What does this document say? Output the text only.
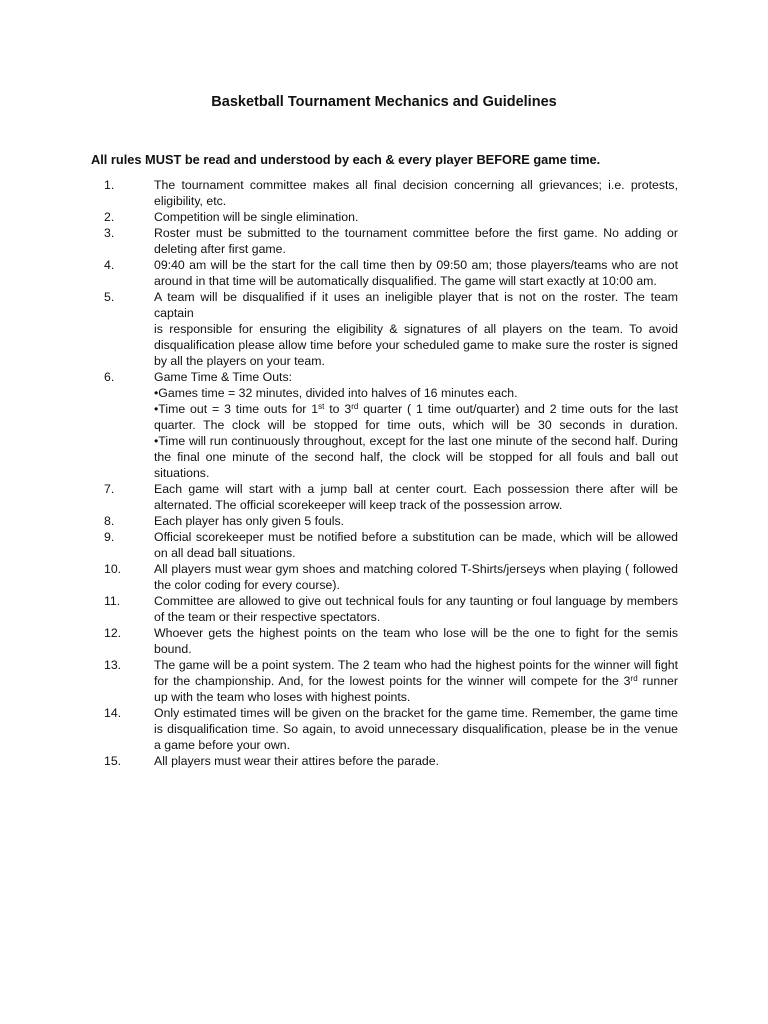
Basketball Tournament Mechanics and Guidelines
All rules MUST be read and understood by each & every player BEFORE game time.
1.	The tournament committee makes all final decision concerning all grievances; i.e. protests,
eligibility, etc.
2.	Competition will be single elimination.
3.	Roster must be submitted to the tournament committee before the first game. No adding or
deleting after first game.
4.	09:40 am will be the start for the call time then by 09:50 am; those players/teams who are not
around in that time will be automatically disqualified. The game will start exactly at 10:00 am.
5.	A team will be disqualified if it uses an ineligible player that is not on the roster. The team captain
is responsible for ensuring the eligibility & signatures of all players on the team. To avoid
disqualification please allow time before your scheduled game to make sure the roster is signed
by all the players on your team.
6.	Game Time & Time Outs:
•Games time = 32 minutes, divided into halves of 16 minutes each.
•Time out = 3 time outs for 1st to 3rd quarter ( 1 time out/quarter) and 2 time outs for the last
quarter. The clock will be stopped for time outs, which will be 30 seconds in duration.
•Time will run continuously throughout, except for the last one minute of the second half. During
the final one minute of the second half, the clock will be stopped for all fouls and ball out
situations.
7.	Each game will start with a jump ball at center court. Each possession there after will be
alternated. The official scorekeeper will keep track of the possession arrow.
8.	Each player has only given 5 fouls.
9.	Official scorekeeper must be notified before a substitution can be made, which will be allowed
on all dead ball situations.
10.	All players must wear gym shoes and matching colored T-Shirts/jerseys when playing ( followed
the color coding for every course).
11.	Committee are allowed to give out technical fouls for any taunting or foul language by members
of the team or their respective spectators.
12.	Whoever gets the highest points on the team who lose will be the one to fight for the semis
bound.
13.	The game will be a point system. The 2 team who had the highest points for the winner will fight
for the championship. And, for the lowest points for the winner will compete for the 3rd runner
up with the team who loses with highest points.
14.	Only estimated times will be given on the bracket for the game time. Remember, the game time
is disqualification time. So again, to avoid unnecessary disqualification, please be in the venue
a game before your own.
15.	All players must wear their attires before the parade.
